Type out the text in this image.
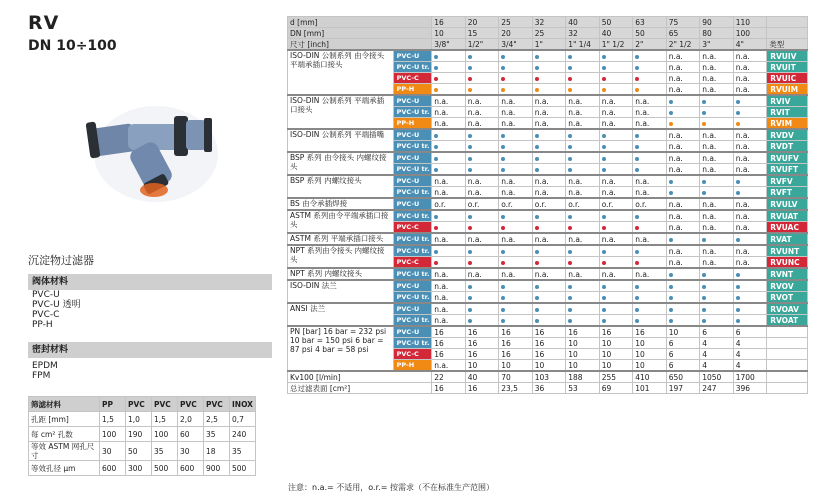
RV
DN 10÷100
沉淀物过滤器
阀体材料
PVC-U
PVC-U 透明
PVC-C
PP-H
密封材料
EPDM
FPM
筛滤材料	PP	PVC	PVC	PVC	PVC	INOX
孔距 [mm]	1,5	1,0	1,5	2,0	2,5	0,7
每 cm² 孔数	100	190	100	60	35	240
等效 ASTM 网孔尺寸	30	50	35	30	18	35
等效孔径 μm	600	300	500	600	900	500
d [mm]		16	20	25	32	40	50	63	75	90	110	
DN [mm]		10	15	20	25	32	40	50	65	80	100	
尺寸 [inch]		3/8"	1/2"	3/4"	1"	1" 1/4	1" 1/2	2"	2" 1/2	3"	4"	类型
ISO-DIN 公制系列 由令接头 平端承插口接头	PVC-U								n.a.	n.a.	n.a.	RVUIV
	PVC-U tr.								n.a.	n.a.	n.a.	RVUIT
	PVC-C								n.a.	n.a.	n.a.	RVUIC
	PP-H								n.a.	n.a.	n.a.	RVUIM
ISO-DIN 公制系列 平端承插口接头	PVC-U	n.a.	n.a.	n.a.	n.a.	n.a.	n.a.	n.a.				RVIV
	PVC-U tr.	n.a.	n.a.	n.a.	n.a.	n.a.	n.a.	n.a.				RVIT
	PP-H	n.a.	n.a.	n.a.	n.a.	n.a.	n.a.	n.a.				RVIM
ISO-DIN 公制系列 平端插嘴	PVC-U								n.a.	n.a.	n.a.	RVDV
	PVC-U tr.								n.a.	n.a.	n.a.	RVDT
BSP 系列 由令接头 内螺纹接头	PVC-U								n.a.	n.a.	n.a.	RVUFV
	PVC-U tr.								n.a.	n.a.	n.a.	RVUFT
BSP 系列 内螺纹接头	PVC-U	n.a.	n.a.	n.a.	n.a.	n.a.	n.a.	n.a.				RVFV
	PVC-U tr.	n.a.	n.a.	n.a.	n.a.	n.a.	n.a.	n.a.				RVFT
BS 由令承插焊接	PVC-U	o.r.	o.r.	o.r.	o.r.	o.r.	o.r.	o.r.	n.a.	n.a.	n.a.	RVULV
ASTM 系列由令平端承插口接头	PVC-U tr.								n.a.	n.a.	n.a.	RVUAT
	PVC-C								n.a.	n.a.	n.a.	RVUAC
ASTM 系列 平端承插口接头	PVC-U tr.	n.a.	n.a.	n.a.	n.a.	n.a.	n.a.	n.a.				RVAT
NPT 系列由令接头 内螺纹接头	PVC-U tr.								n.a.	n.a.	n.a.	RVUNT
	PVC-C								n.a.	n.a.	n.a.	RVUNC
NPT 系列 内螺纹接头	PVC-U tr.	n.a.	n.a.	n.a.	n.a.	n.a.	n.a.	n.a.				RVNT
ISO-DIN 法兰	PVC-U	n.a.										RVOV
	PVC-U tr.	n.a.										RVOT
ANSI 法兰	PVC-U	n.a.										RVOAV
	PVC-U tr.	n.a.										RVOAT
PN [bar] 16 bar = 232 psi 10 bar = 150 psi 6 bar = 87 psi 4 bar = 58 psi	PVC-U	16	16	16	16	16	16	16	10	6	6	
	PVC-U tr.	16	16	16	16	10	10	10	6	4	4	
	PVC-C	16	16	16	16	10	10	10	6	4	4	
	PP-H	n.a.	10	10	10	10	10	10	6	4	4	
Kv100 [l/min]		22	40	70	103	188	255	410	650	1050	1700	
总过滤表面 [cm²]		16	16	23,5	36	53	69	101	197	247	396	
注意：n.a.= 不适用，o.r.= 按需求（不在标准生产范围）
